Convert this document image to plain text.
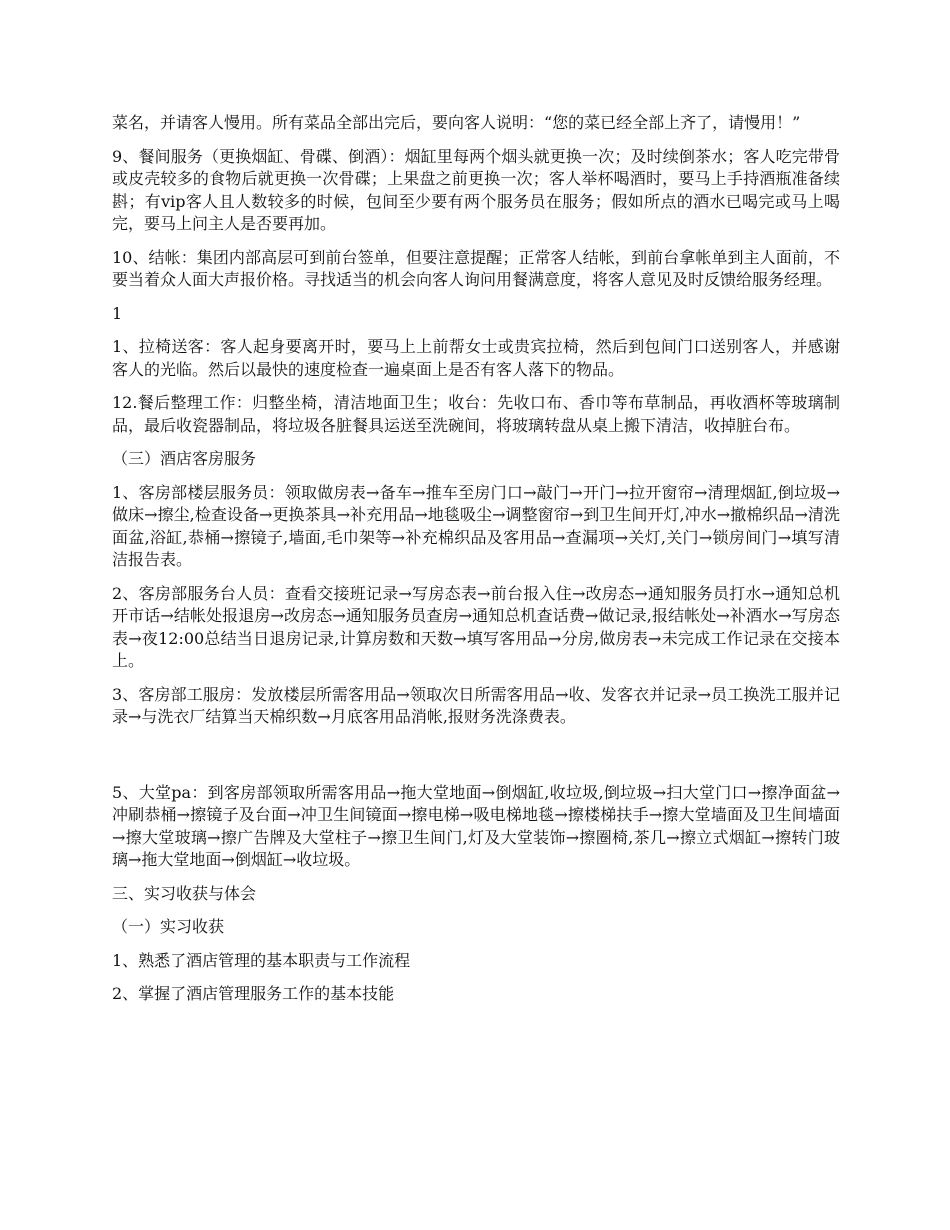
菜名，并请客人慢用。所有菜品全部出完后，要向客人说明：“您的菜已经全部上齐了，请慢用！”

9、餐间服务（更换烟缸、骨碟、倒酒）：烟缸里每两个烟头就更换一次；及时续倒茶水；客人吃完带骨或皮壳较多的食物后就更换一次骨碟；上果盘之前更换一次；客人举杯喝酒时，要马上手持酒瓶准备续斟；有vip客人且人数较多的时候，包间至少要有两个服务员在服务；假如所点的酒水已喝完或马上喝完，要马上问主人是否要再加。

10、结帐：集团内部高层可到前台签单，但要注意提醒；正常客人结帐，到前台拿帐单到主人面前，不要当着众人面大声报价格。寻找适当的机会向客人询问用餐满意度，将客人意见及时反馈给服务经理。

1

1、拉椅送客：客人起身要离开时，要马上上前帮女士或贵宾拉椅，然后到包间门口送别客人，并感谢客人的光临。然后以最快的速度检查一遍桌面上是否有客人落下的物品。

12.餐后整理工作：归整坐椅，清洁地面卫生；收台：先收口布、香巾等布草制品，再收酒杯等玻璃制品，最后收瓷器制品，将垃圾各脏餐具运送至洗碗间，将玻璃转盘从桌上搬下清洁，收掉脏台布。

（三）酒店客房服务

1、客房部楼层服务员：领取做房表→备车→推车至房门口→敲门→开门→拉开窗帘→清理烟缸,倒垃圾→做床→擦尘,检查设备→更换茶具→补充用品→地毯吸尘→调整窗帘→到卫生间开灯,冲水→撤棉织品→清洗面盆,浴缸,恭桶→擦镜子,墙面,毛巾架等→补充棉织品及客用品→查漏项→关灯,关门→锁房间门→填写清洁报告表。

2、客房部服务台人员：查看交接班记录→写房态表→前台报入住→改房态→通知服务员打水→通知总机开市话→结帐处报退房→改房态→通知服务员查房→通知总机查话费→做记录,报结帐处→补酒水→写房态表→夜12:00总结当日退房记录,计算房数和天数→填写客用品→分房,做房表→未完成工作记录在交接本上。

3、客房部工服房：发放楼层所需客用品→领取次日所需客用品→收、发客衣并记录→员工换洗工服并记录→与洗衣厂结算当天棉织数→月底客用品消帐,报财务洗涤费表。

5、大堂pa：到客房部领取所需客用品→拖大堂地面→倒烟缸,收垃圾,倒垃圾→扫大堂门口→擦净面盆→冲刷恭桶→擦镜子及台面→冲卫生间镜面→擦电梯→吸电梯地毯→擦楼梯扶手→擦大堂墙面及卫生间墙面→擦大堂玻璃→擦广告牌及大堂柱子→擦卫生间门,灯及大堂装饰→擦圈椅,茶几→擦立式烟缸→擦转门玻璃→拖大堂地面→倒烟缸→收垃圾。

三、实习收获与体会

（一）实习收获

1、熟悉了酒店管理的基本职责与工作流程

2、掌握了酒店管理服务工作的基本技能
